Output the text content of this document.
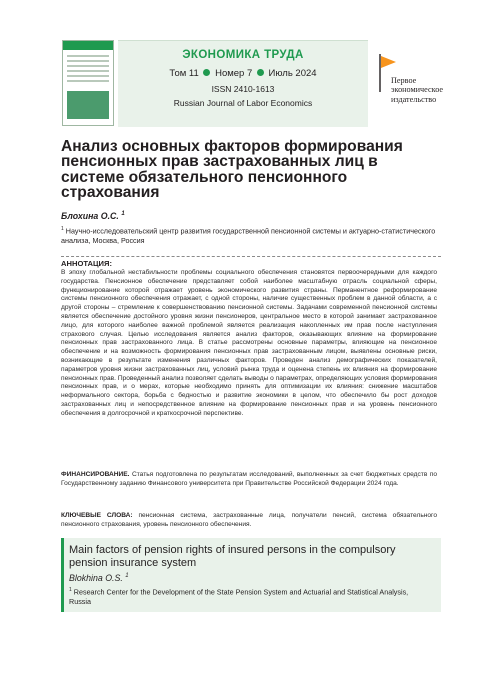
ЭКОНОМИКА ТРУДА
Том 11 Номер 7 Июль 2024
ISSN 2410-1613
Russian Journal of Labor Economics
Первое
экономическое
издательство
Анализ основных факторов формирования пенсионных прав застрахованных лиц в системе обязательного пенсионного страхования
Блохина О.С. $^1$
$^1$ Научно-исследовательский центр развития государственной пенсионной системы и актуарно-статистического анализа, Москва, Россия
АННОТАЦИЯ:
В эпоху глобальной нестабильности проблемы социального обеспечения становятся первоочередными для каждого государства. Пенсионное обеспечение представляет собой наиболее масштабную отрасль социальной сферы, функционирование которой отражает уровень экономического развития страны. Перманентное реформирование системы пенсионного обеспечения отражает, с одной стороны, наличие существенных проблем в данной области, а с другой стороны – стремление к совершенствованию пенсионной системы. Задачами современной пенсионной системы является обеспечение достойного уровня жизни пенсионеров, центральное место в которой занимает застрахованное лицо, для которого наиболее важной проблемой является реализация накопленных им прав после наступления страхового случая. Целью исследования является анализ факторов, оказывающих влияние на формирование пенсионных прав застрахованного лица. В статье рассмотрены основные параметры, влияющие на пенсионное обеспечение и на возможность формирования пенсионных прав застрахованным лицом, выявлены основные риски, возникающие в результате изменения различных факторов. Проведен анализ демографических показателей, параметров уровня жизни застрахованных лиц, условий рынка труда и оценена степень их влияния на формирование пенсионных прав. Проведенный анализ позволяет сделать выводы о параметрах, определяющих условия формирования пенсионных прав, и о мерах, которые необходимо принять для оптимизации их влияния: снижение масштабов неформального сектора, борьба с бедностью и развитие экономики в целом, что обеспечило бы рост доходов застрахованных лиц и непосредственное влияние на формирование пенсионных прав и на уровень пенсионного обеспечения в долгосрочной и краткосрочной перспективе.
ФИНАНСИРОВАНИЕ. Статья подготовлена по результатам исследований, выполненных за счет бюджетных средств по Государственному заданию Финансового университета при Правительстве Российской Федерации 2024 года.
КЛЮЧЕВЫЕ СЛОВА: пенсионная система, застрахованные лица, получатели пенсий, система обязательного пенсионного страхования, уровень пенсионного обеспечения.
Main factors of pension rights of insured persons in the compulsory pension insurance system
Blokhina O.S. $^1$
$^1$ Research Center for the Development of the State Pension System and Actuarial and Statistical Analysis, Russia
